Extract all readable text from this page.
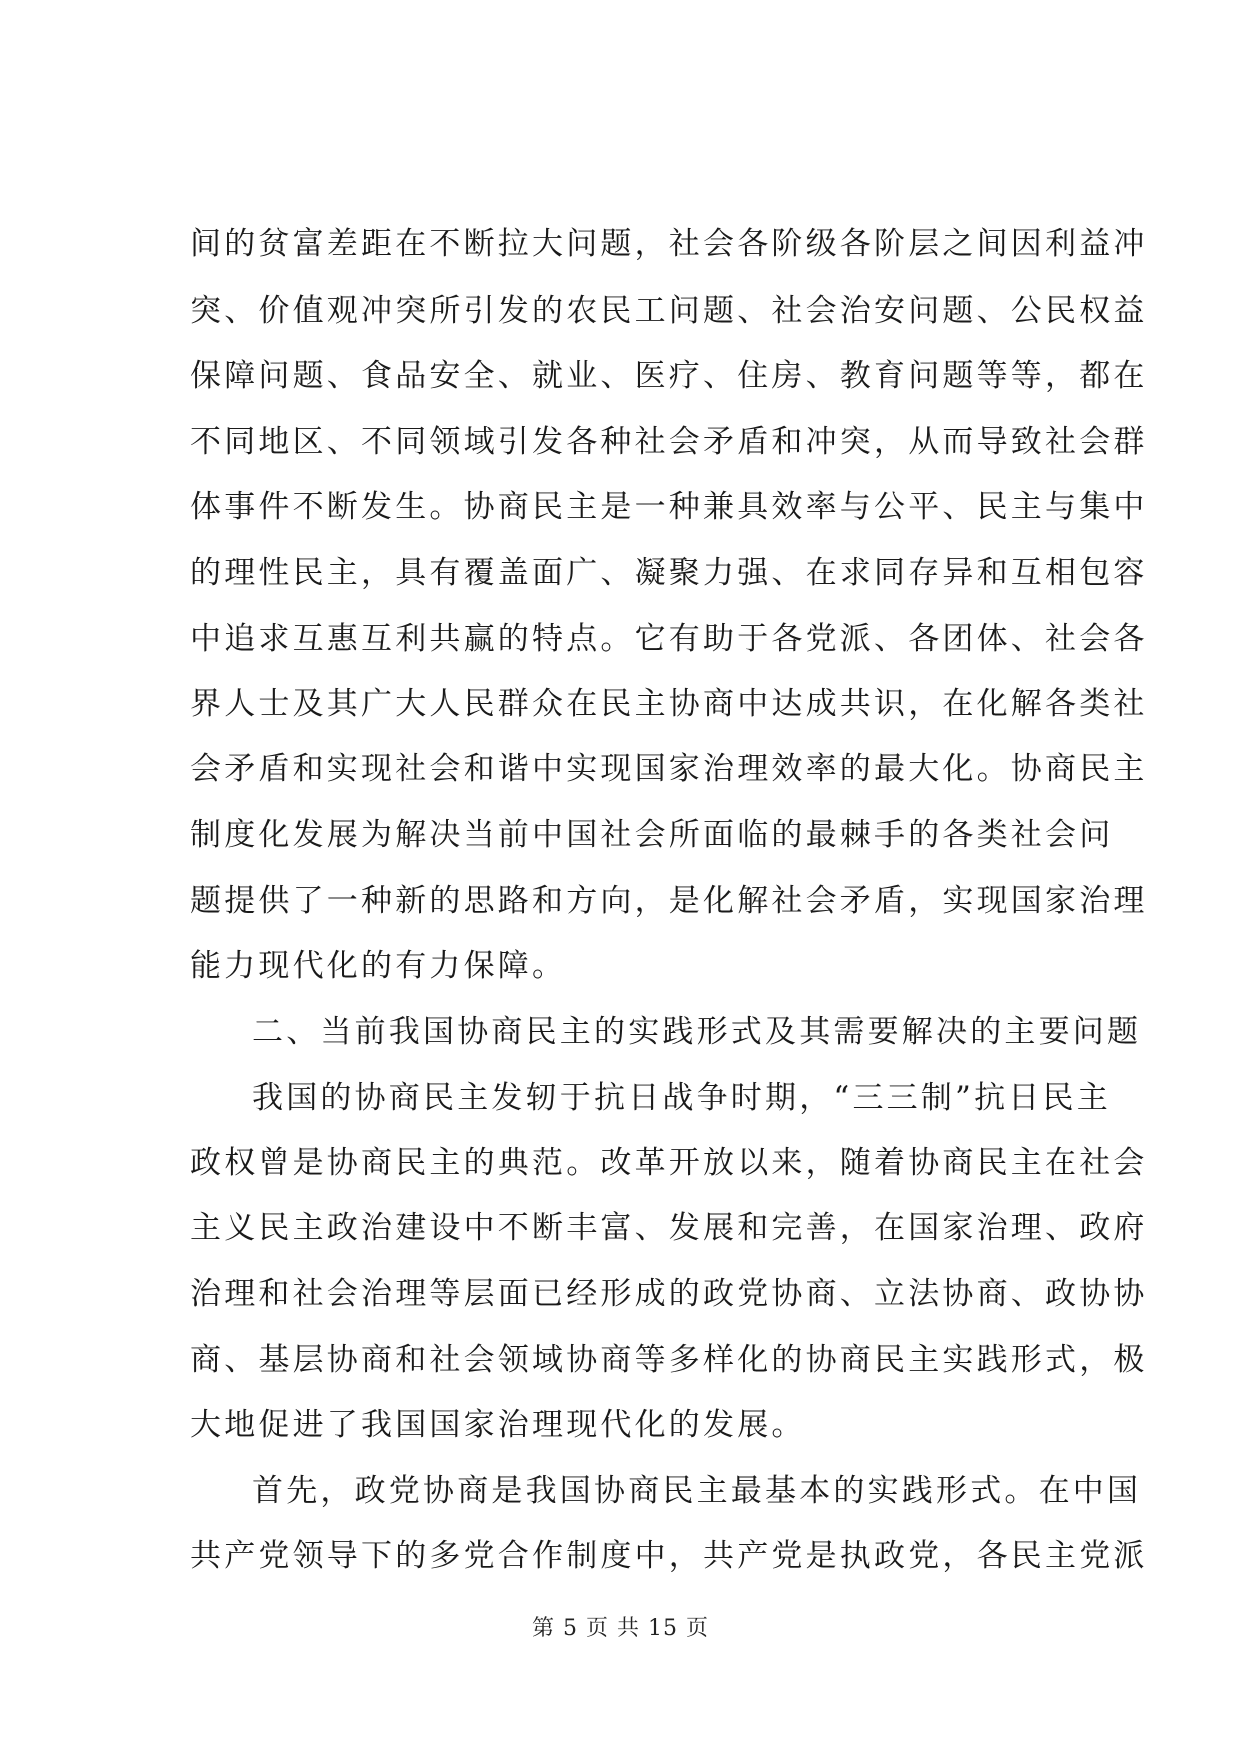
间的贫富差距在不断拉大问题，社会各阶级各阶层之间因利益冲
突、价值观冲突所引发的农民工问题、社会治安问题、公民权益
保障问题、食品安全、就业、医疗、住房、教育问题等等，都在
不同地区、不同领域引发各种社会矛盾和冲突，从而导致社会群
体事件不断发生。协商民主是一种兼具效率与公平、民主与集中
的理性民主，具有覆盖面广、凝聚力强、在求同存异和互相包容
中追求互惠互利共赢的特点。它有助于各党派、各团体、社会各
界人士及其广大人民群众在民主协商中达成共识，在化解各类社
会矛盾和实现社会和谐中实现国家治理效率的最大化。协商民主
制度化发展为解决当前中国社会所面临的最棘手的各类社会问
题提供了一种新的思路和方向，是化解社会矛盾，实现国家治理
能力现代化的有力保障。
二、当前我国协商民主的实践形式及其需要解决的主要问题
我国的协商民主发轫于抗日战争时期，“三三制”抗日民主
政权曾是协商民主的典范。改革开放以来，随着协商民主在社会
主义民主政治建设中不断丰富、发展和完善，在国家治理、政府
治理和社会治理等层面已经形成的政党协商、立法协商、政协协
商、基层协商和社会领域协商等多样化的协商民主实践形式，极
大地促进了我国国家治理现代化的发展。
首先，政党协商是我国协商民主最基本的实践形式。在中国
共产党领导下的多党合作制度中，共产党是执政党，各民主党派
第 5 页 共 15 页
